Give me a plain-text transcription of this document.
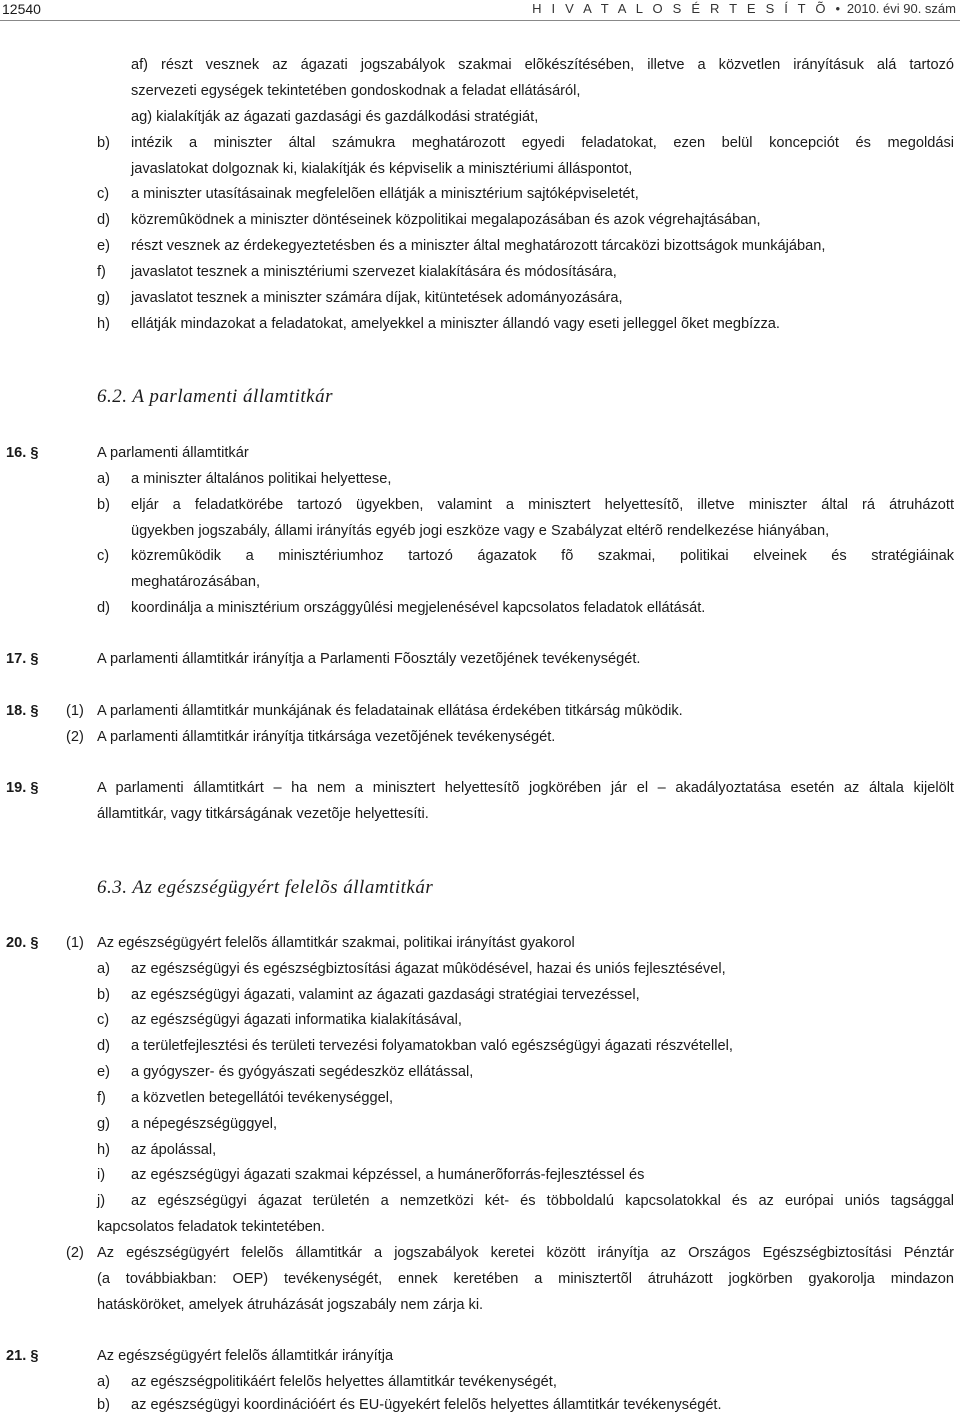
12540	H I V A T A L O S É R T E S Í T Õ • 2010. évi 90. szám
af) részt vesznek az ágazati jogszabályok szakmai elõkészítésében, illetve a közvetlen irányításuk alá tartozó
szervezeti egységek tekintetében gondoskodnak a feladat ellátásáról,
ag) kialakítják az ágazati gazdasági és gazdálkodási stratégiát,
b) intézik a miniszter által számukra meghatározott egyedi feladatokat, ezen belül koncepciót és megoldási
javaslatokat dolgoznak ki, kialakítják és képviselik a minisztériumi álláspontot,
c) a miniszter utasításainak megfelelõen ellátják a minisztérium sajtóképviseletét,
d) közremûködnek a miniszter döntéseinek közpolitikai megalapozásában és azok végrehajtásában,
e) részt vesznek az érdekegyeztetésben és a miniszter által meghatározott tárcaközi bizottságok munkájában,
f) javaslatot tesznek a minisztériumi szervezet kialakítására és módosítására,
g) javaslatot tesznek a miniszter számára díjak, kitüntetések adományozására,
h) ellátják mindazokat a feladatokat, amelyekkel a miniszter állandó vagy eseti jelleggel õket megbízza.
6.2. A parlamenti államtitkár
16. §	A parlamenti államtitkár
a) a miniszter általános politikai helyettese,
b) eljár a feladatkörébe tartozó ügyekben, valamint a minisztert helyettesítõ, illetve miniszter által rá átruházott
ügyekben jogszabály, állami irányítás egyéb jogi eszköze vagy e Szabályzat eltérõ rendelkezése hiányában,
c) közremûködik a minisztériumhoz tartozó ágazatok fõ szakmai, politikai elveinek és stratégiáinak
meghatározásában,
d) koordinálja a minisztérium országgyûlési megjelenésével kapcsolatos feladatok ellátását.
17. §	A parlamenti államtitkár irányítja a Parlamenti Fõosztály vezetõjének tevékenységét.
18. § (1) A parlamenti államtitkár munkájának és feladatainak ellátása érdekében titkárság mûködik.
(2) A parlamenti államtitkár irányítja titkársága vezetõjének tevékenységét.
19. §	A parlamenti államtitkárt – ha nem a minisztert helyettesítõ jogkörében jár el – akadályoztatása esetén az általa kijelölt
államtitkár, vagy titkárságának vezetõje helyettesíti.
6.3. Az egészségügyért felelõs államtitkár
20. § (1) Az egészségügyért felelõs államtitkár szakmai, politikai irányítást gyakorol
a) az egészségügyi és egészségbiztosítási ágazat mûködésével, hazai és uniós fejlesztésével,
b) az egészségügyi ágazati, valamint az ágazati gazdasági stratégiai tervezéssel,
c) az egészségügyi ágazati informatika kialakításával,
d) a területfejlesztési és területi tervezési folyamatokban való egészségügyi ágazati részvétellel,
e) a gyógyszer- és gyógyászati segédeszköz ellátással,
f) a közvetlen betegellátói tevékenységgel,
g) a népegészségüggyel,
h) az ápolással,
i) az egészségügyi ágazati szakmai képzéssel, a humánerõforrás-fejlesztéssel és
j) az egészségügyi ágazat területén a nemzetközi két- és többoldalú kapcsolatokkal és az európai uniós tagsággal
kapcsolatos feladatok tekintetében.
(2) Az egészségügyért felelõs államtitkár a jogszabályok keretei között irányítja az Országos Egészségbiztosítási Pénztár
(a továbbiakban: OEP) tevékenységét, ennek keretében a minisztertõl átruházott jogkörben gyakorolja mindazon
hatásköröket, amelyek átruházását jogszabály nem zárja ki.
21. §	Az egészségügyért felelõs államtitkár irányítja
a) az egészségpolitikáért felelõs helyettes államtitkár tevékenységét,
b) az egészségügyi koordinációért és EU-ügyekért felelõs helyettes államtitkár tevékenységét.
